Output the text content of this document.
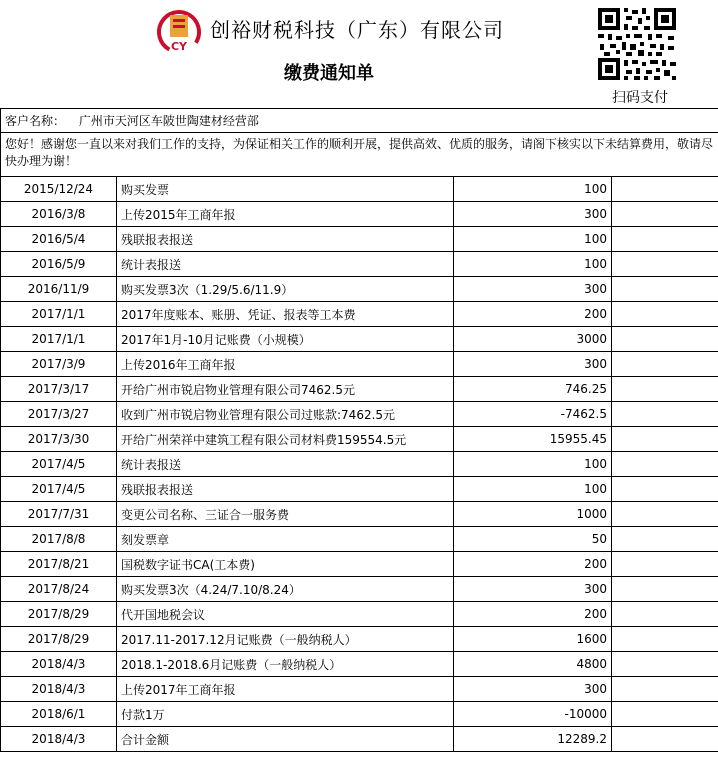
CY
创裕财税科技（广东）有限公司
缴费通知单
扫码支付
客户名称： 广州市天河区车陂世陶建材经营部			
您好！感谢您一直以来对我们工作的支持，为保证相关工作的顺利开展，提供高效、优质的服务，请阁下核实以下未结算费用，敬请尽快办理为谢！			
2015/12/24	购买发票	100	
2016/3/8	上传2015年工商年报	300	
2016/5/4	残联报表报送	100	
2016/5/9	统计表报送	100	
2016/11/9	购买发票3次（1.29/5.6/11.9）	300	
2017/1/1	2017年度账本、账册、凭证、报表等工本费	200	
2017/1/1	2017年1月-10月记账费（小规模）	3000	
2017/3/9	上传2016年工商年报	300	
2017/3/17	开给广州市锐启物业管理有限公司7462.5元	746.25	
2017/3/27	收到广州市锐启物业管理有限公司过账款:7462.5元	-7462.5	
2017/3/30	开给广州荣祥中建筑工程有限公司材料费159554.5元	15955.45	
2017/4/5	统计表报送	100	
2017/4/5	残联报表报送	100	
2017/7/31	变更公司名称、三证合一服务费	1000	
2017/8/8	刻发票章	50	
2017/8/21	国税数字证书CA(工本费)	200	
2017/8/24	购买发票3次（4.24/7.10/8.24）	300	
2017/8/29	代开国地税会议	200	
2017/8/29	2017.11-2017.12月记账费（一般纳税人）	1600	
2018/4/3	2018.1-2018.6月记账费（一般纳税人）	4800	
2018/4/3	上传2017年工商年报	300	
2018/6/1	付款1万	-10000	
2018/4/3	合计金额	12289.2	
